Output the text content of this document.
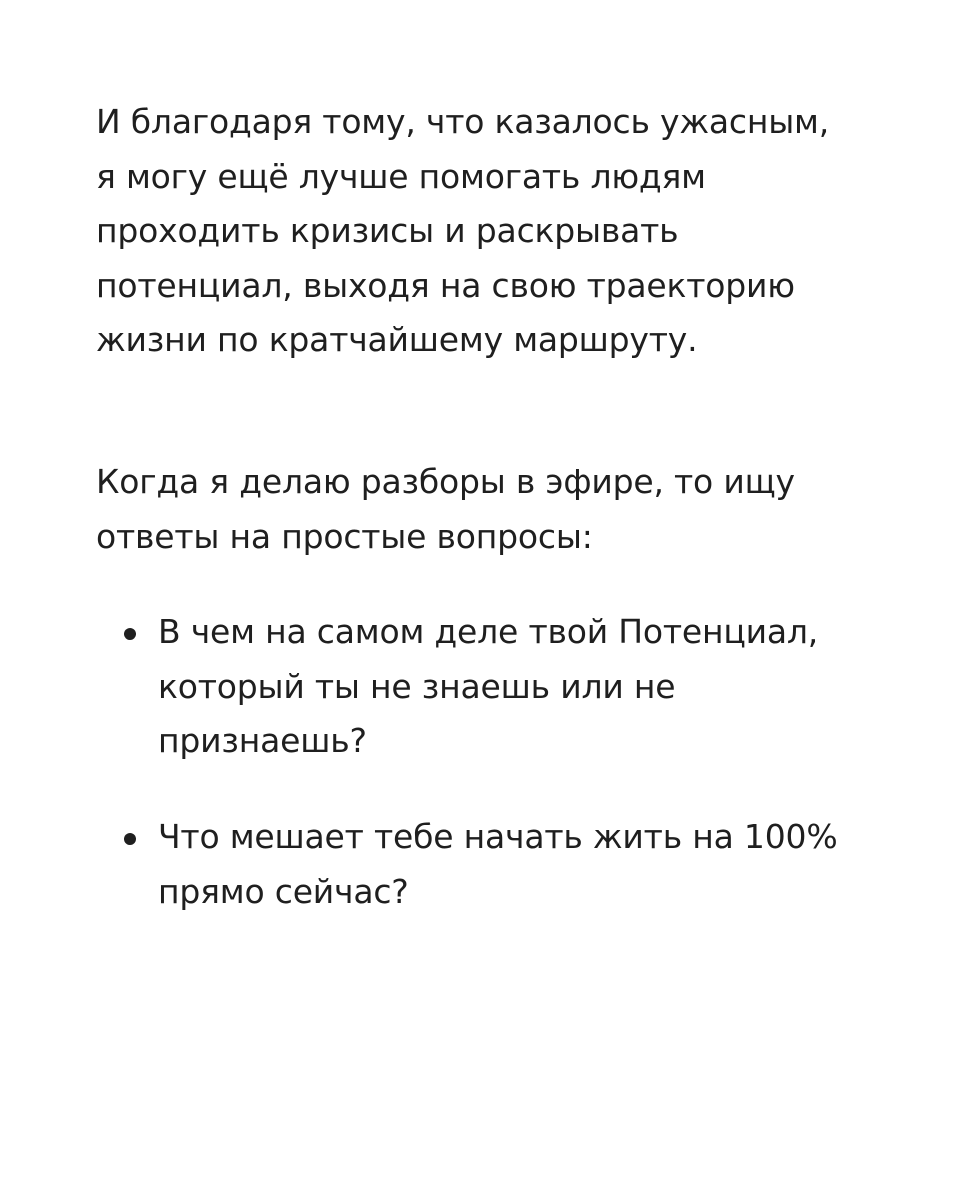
И благодаря тому, что казалось ужасным,
я могу ещё лучше помогать людям
проходить кризисы и раскрывать
потенциал, выходя на свою траекторию
жизни по кратчайшему маршруту.
Когда я делаю разборы в эфире, то ищу
ответы на простые вопросы:
В чем на самом деле твой Потенциал,
который ты не знаешь или не
признаешь?
Что мешает тебе начать жить на 100%
прямо сейчас?
